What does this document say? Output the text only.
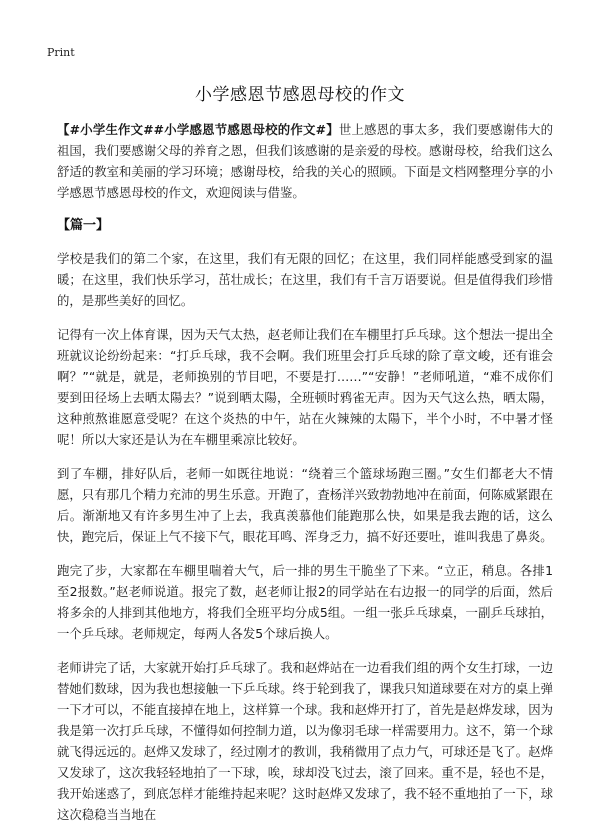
Print
小学感恩节感恩母校的作文

【#小学生作文##小学感恩节感恩母校的作文#】世上感恩的事太多，我们要感谢伟大的祖国，我们要感谢父母的养育之恩，但我们该感谢的是亲爱的母校。感谢母校，给我们这么舒适的教室和美丽的学习环境；感谢母校，给我的关心的照顾。下面是文档网整理分享的小学感恩节感恩母校的作文，欢迎阅读与借鉴。

【篇一】

学校是我们的第二个家，在这里，我们有无限的回忆；在这里，我们同样能感受到家的温暖；在这里，我们快乐学习，茁壮成长；在这里，我们有千言万语要说。但是值得我们珍惜的，是那些美好的回忆。

记得有一次上体育课，因为天气太热，赵老师让我们在车棚里打乒乓球。这个想法一提出全班就议论纷纷起来：“打乒乓球，我不会啊。我们班里会打乒乓球的除了章文峻，还有谁会啊？”“就是，就是，老师换别的节目吧，不要是打……”“安静！”老师吼道，“难不成你们要到田径场上去晒太陽去？”说到晒太陽，全班顿时鸦雀无声。因为天气这么热，晒太陽，这种煎熬谁愿意受呢？在这个炎热的中午，站在火辣辣的太陽下，半个小时，不中暑才怪呢！所以大家还是认为在车棚里乘凉比较好。

到了车棚，排好队后，老师一如既往地说：“绕着三个篮球场跑三圈。”女生们都老大不情愿，只有那几个精力充沛的男生乐意。开跑了，査杨洋兴致勃勃地冲在前面，何陈威紧跟在后。渐渐地又有许多男生冲了上去，我真羡慕他们能跑那么快，如果是我去跑的话，这么快，跑完后，保证上气不接下气，眼花耳鸣、浑身乏力，搞不好还要吐，谁叫我患了鼻炎。

跑完了步，大家都在车棚里喘着大气，后一排的男生干脆坐了下来。“立正，稍息。各排1至2报数。”赵老师说道。报完了数，赵老师让报2的同学站在右边报一的同学的后面，然后将多余的人排到其他地方，将我们全班平均分成5组。一组一张乒乓球桌，一副乒乓球拍，一个乒乓球。老师规定，每两人各发5个球后换人。

老师讲完了话，大家就开始打乒乓球了。我和赵烨站在一边看我们组的两个女生打球，一边替她们数球，因为我也想接触一下乒乓球。终于轮到我了，课我只知道球要在对方的桌上弹一下才可以，不能直接掉在地上，这样算一个球。我和赵烨开打了，首先是赵烨发球，因为我是第一次打乒乓球，不懂得如何控制力道，以为像羽毛球一样需要用力。这不，第一个球就飞得远远的。赵烨又发球了，经过刚才的教训，我稍微用了点力气，可球还是飞了。赵烨又发球了，这次我轻轻地拍了一下球，唉，球却没飞过去，滚了回来。重不是，轻也不是，我开始迷惑了，到底怎样才能维持起来呢？这时赵烨又发球了，我不轻不重地拍了一下，球这次稳稳当当地在
